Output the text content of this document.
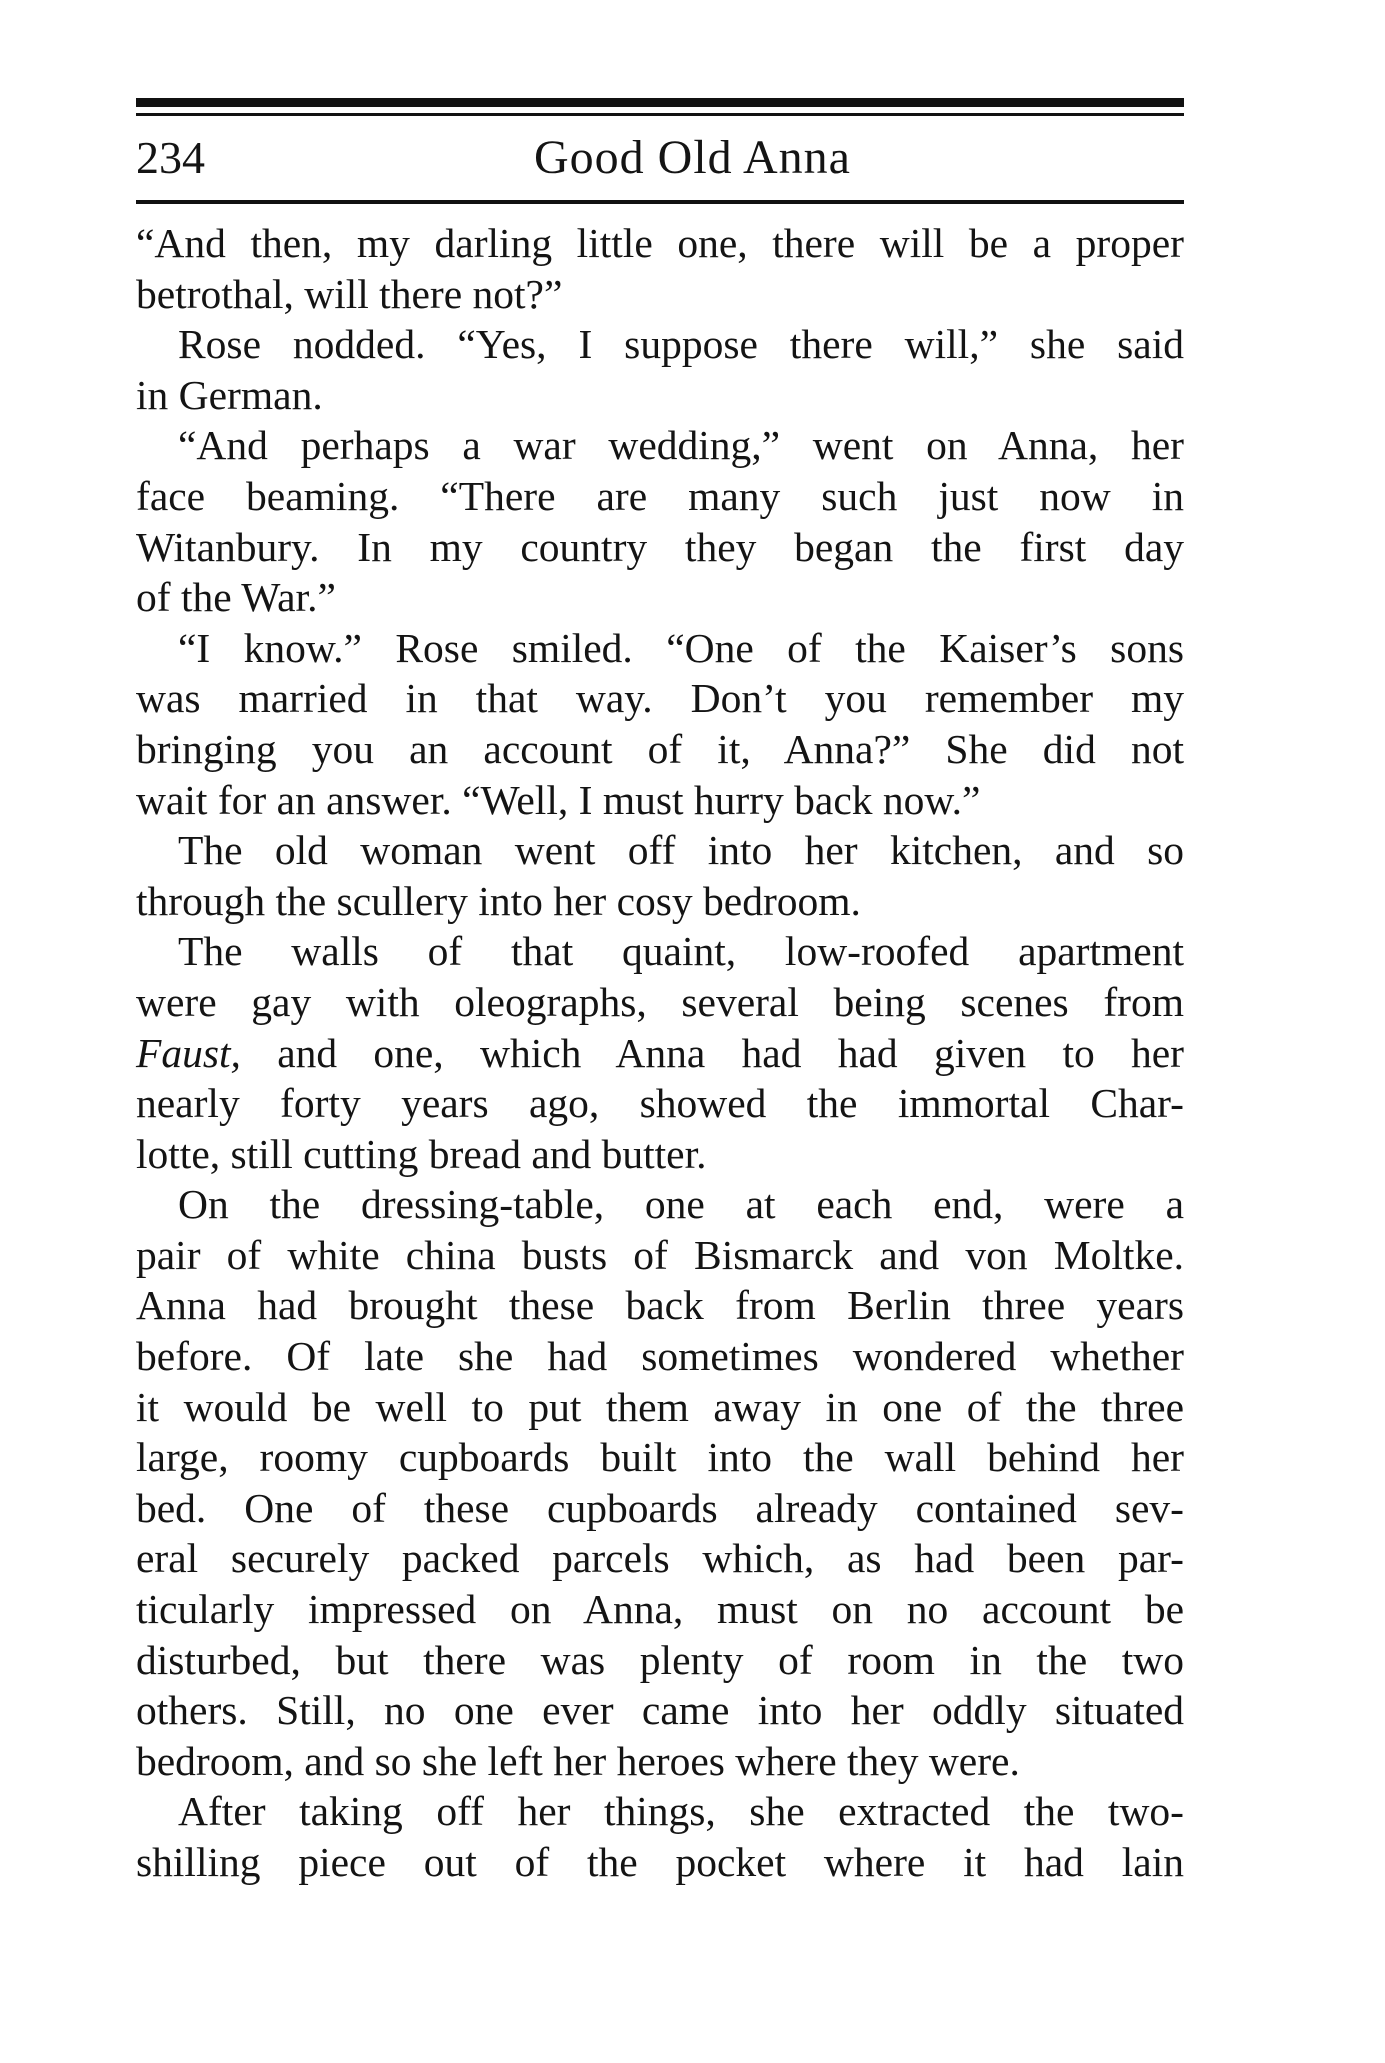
234	Good Old Anna
“And then, my darling little one, there will be a proper
betrothal, will there not?”
Rose nodded. “Yes, I suppose there will,” she said
in German.
“And perhaps a war wedding,” went on Anna, her
face beaming. “There are many such just now in
Witanbury. In my country they began the first day
of the War.”
“I know.” Rose smiled. “One of the Kaiser’s sons
was married in that way. Don’t you remember my
bringing you an account of it, Anna?” She did not
wait for an answer. “Well, I must hurry back now.”
The old woman went off into her kitchen, and so
through the scullery into her cosy bedroom.
The walls of that quaint, low-roofed apartment
were gay with oleographs, several being scenes from
Faust, and one, which Anna had had given to her
nearly forty years ago, showed the immortal Char-
lotte, still cutting bread and butter.
On the dressing-table, one at each end, were a
pair of white china busts of Bismarck and von Moltke.
Anna had brought these back from Berlin three years
before. Of late she had sometimes wondered whether
it would be well to put them away in one of the three
large, roomy cupboards built into the wall behind her
bed. One of these cupboards already contained sev-
eral securely packed parcels which, as had been par-
ticularly impressed on Anna, must on no account be
disturbed, but there was plenty of room in the two
others. Still, no one ever came into her oddly situated
bedroom, and so she left her heroes where they were.
After taking off her things, she extracted the two-
shilling piece out of the pocket where it had lain
